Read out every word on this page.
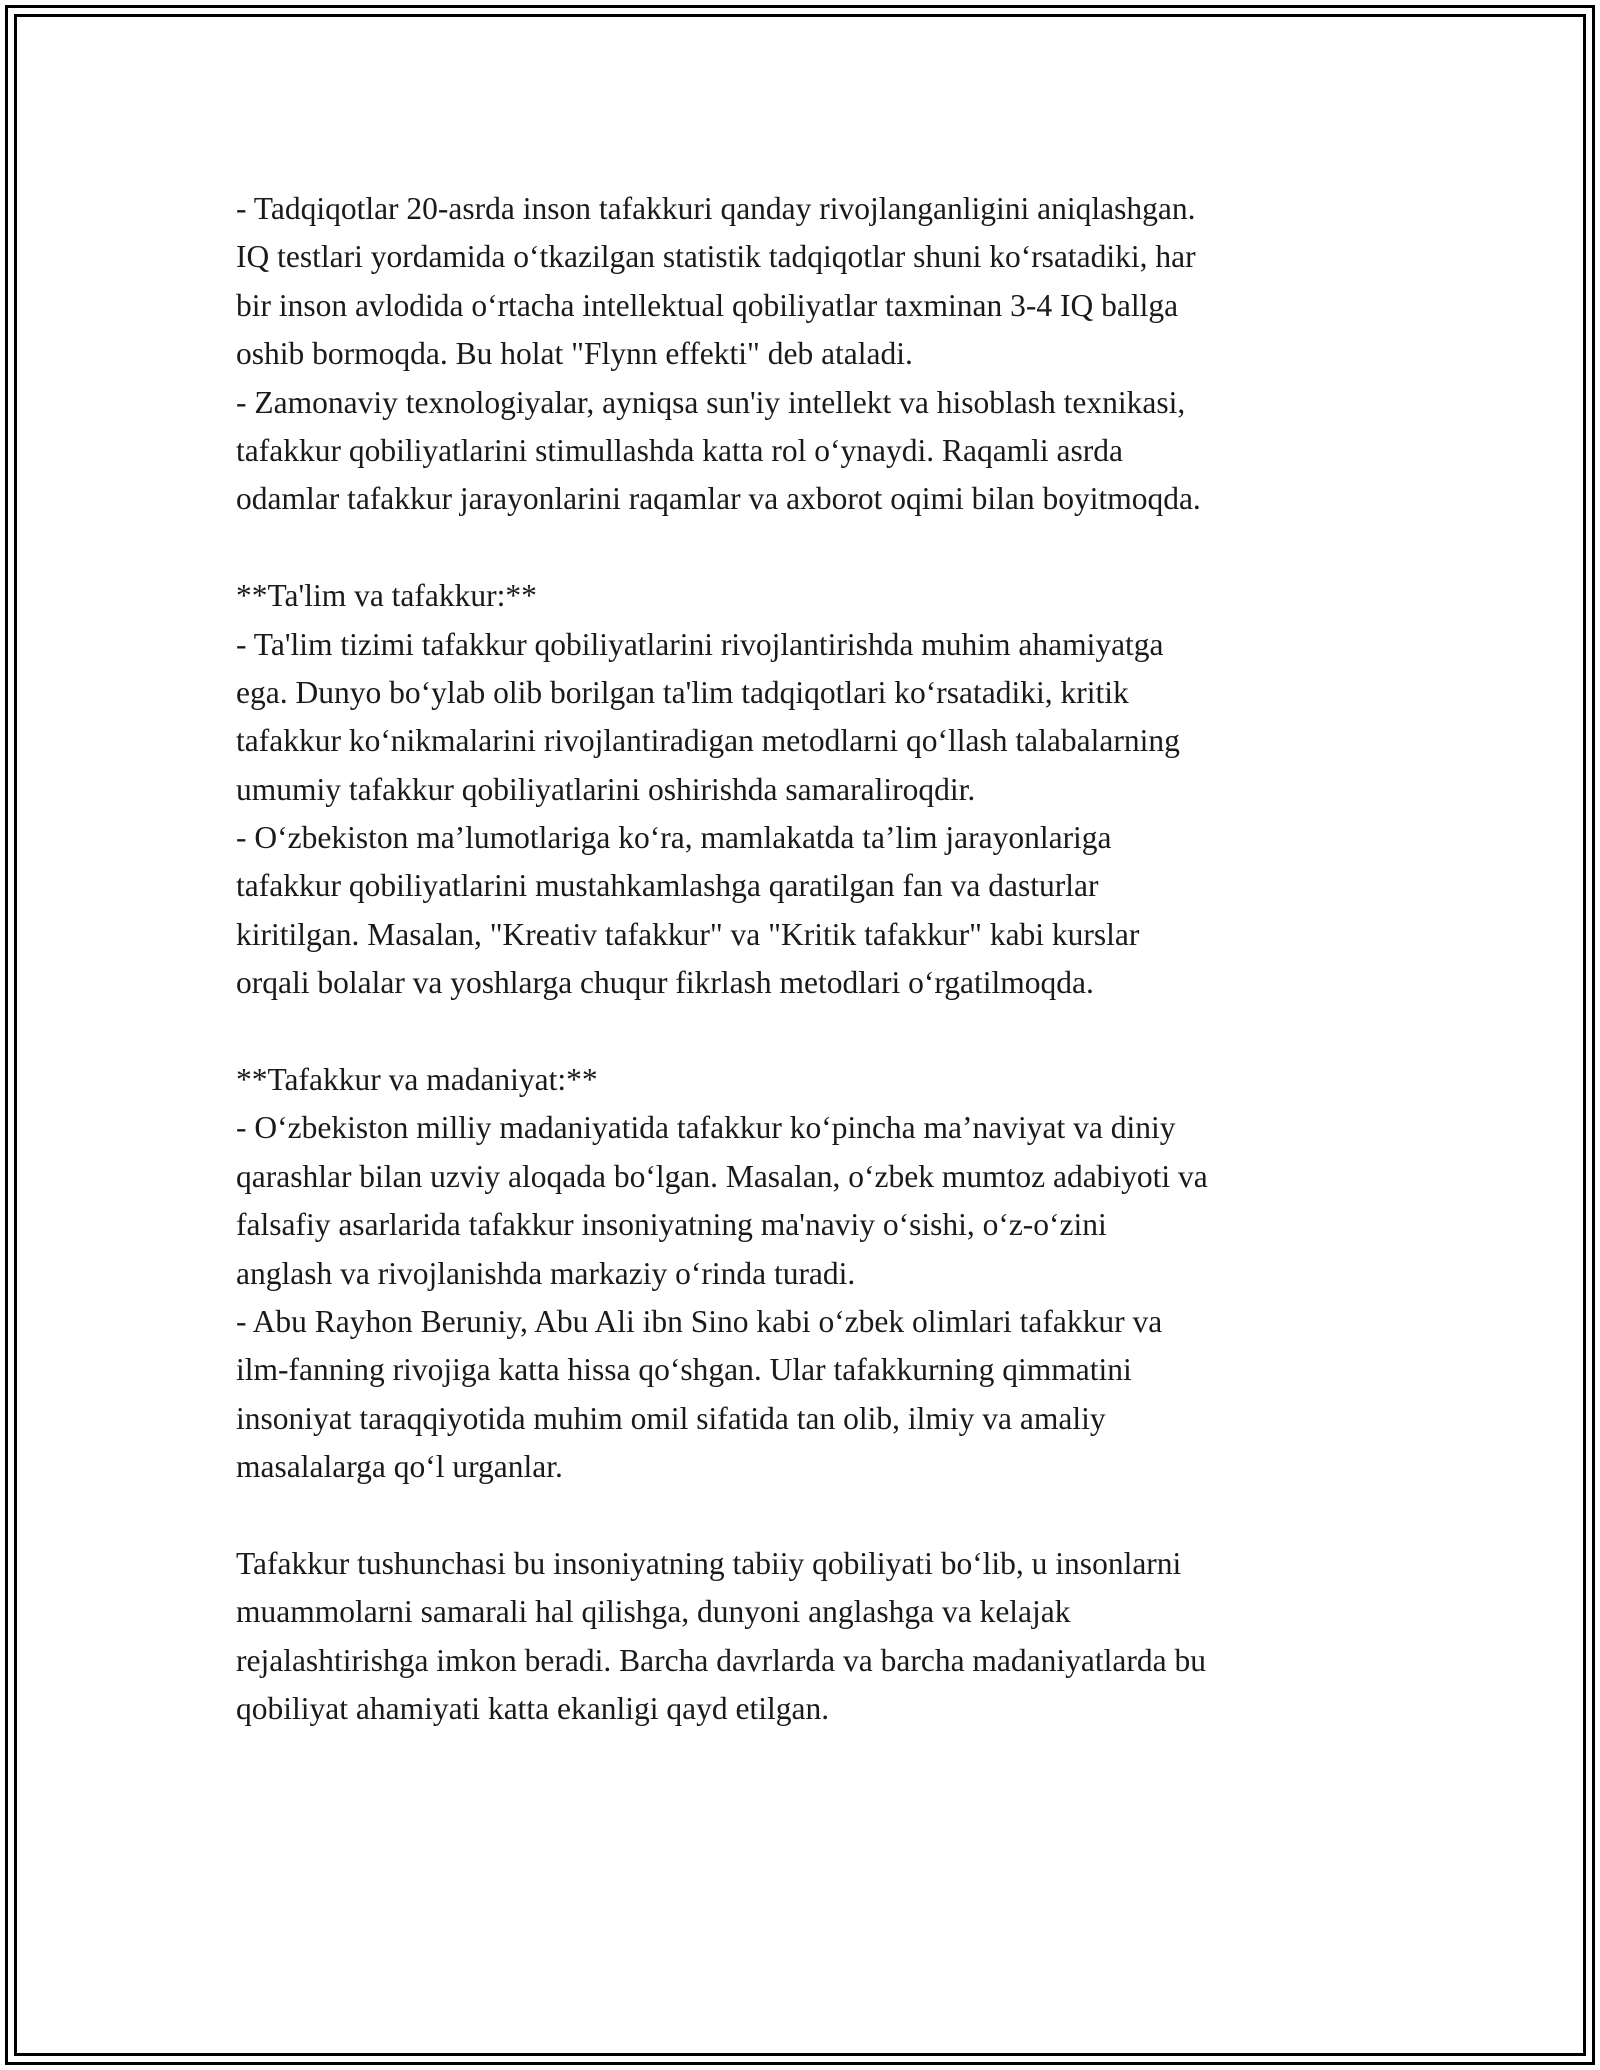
- Tadqiqotlar 20-asrda inson tafakkuri qanday rivojlanganligini aniqlashgan.
IQ testlari yordamida o‘tkazilgan statistik tadqiqotlar shuni ko‘rsatadiki, har
bir inson avlodida o‘rtacha intellektual qobiliyatlar taxminan 3-4 IQ ballga
oshib bormoqda. Bu holat "Flynn effekti" deb ataladi.
- Zamonaviy texnologiyalar, ayniqsa sun'iy intellekt va hisoblash texnikasi,
tafakkur qobiliyatlarini stimullashda katta rol o‘ynaydi. Raqamli asrda
odamlar tafakkur jarayonlarini raqamlar va axborot oqimi bilan boyitmoqda.
**Ta'lim va tafakkur:**
- Ta'lim tizimi tafakkur qobiliyatlarini rivojlantirishda muhim ahamiyatga
ega. Dunyo bo‘ylab olib borilgan ta'lim tadqiqotlari ko‘rsatadiki, kritik
tafakkur ko‘nikmalarini rivojlantiradigan metodlarni qo‘llash talabalarning
umumiy tafakkur qobiliyatlarini oshirishda samaraliroqdir.
- O‘zbekiston ma’lumotlariga ko‘ra, mamlakatda ta’lim jarayonlariga
tafakkur qobiliyatlarini mustahkamlashga qaratilgan fan va dasturlar
kiritilgan. Masalan, "Kreativ tafakkur" va "Kritik tafakkur" kabi kurslar
orqali bolalar va yoshlarga chuqur fikrlash metodlari o‘rgatilmoqda.
**Tafakkur va madaniyat:**
- O‘zbekiston milliy madaniyatida tafakkur ko‘pincha ma’naviyat va diniy
qarashlar bilan uzviy aloqada bo‘lgan. Masalan, o‘zbek mumtoz adabiyoti va
falsafiy asarlarida tafakkur insoniyatning ma'naviy o‘sishi, o‘z-o‘zini
anglash va rivojlanishda markaziy o‘rinda turadi.
- Abu Rayhon Beruniy, Abu Ali ibn Sino kabi o‘zbek olimlari tafakkur va
ilm-fanning rivojiga katta hissa qo‘shgan. Ular tafakkurning qimmatini
insoniyat taraqqiyotida muhim omil sifatida tan olib, ilmiy va amaliy
masalalarga qo‘l urganlar.
Tafakkur tushunchasi bu insoniyatning tabiiy qobiliyati bo‘lib, u insonlarni
muammolarni samarali hal qilishga, dunyoni anglashga va kelajak
rejalashtirishga imkon beradi. Barcha davrlarda va barcha madaniyatlarda bu
qobiliyat ahamiyati katta ekanligi qayd etilgan.
